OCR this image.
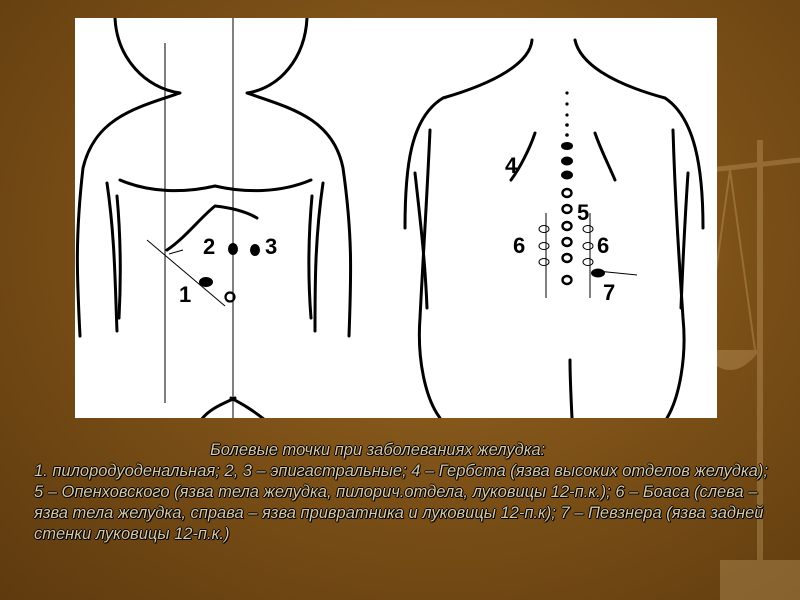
1
2 3
4
5
6	6
7
Болевые точки при заболеваниях желудка:
1. пилородуоденальная; 2, 3 – эпигастральные; 4 – Гербста (язва высоких отделов желудка); 5 – Опенховского (язва тела желудка, пилорич.отдела, луковицы 12-п.к.); 6 – Боаса (слева – язва тела желудка, справа – язва привратника и луковицы 12-п.к); 7 – Певзнера (язва задней стенки луковицы 12-п.к.)
